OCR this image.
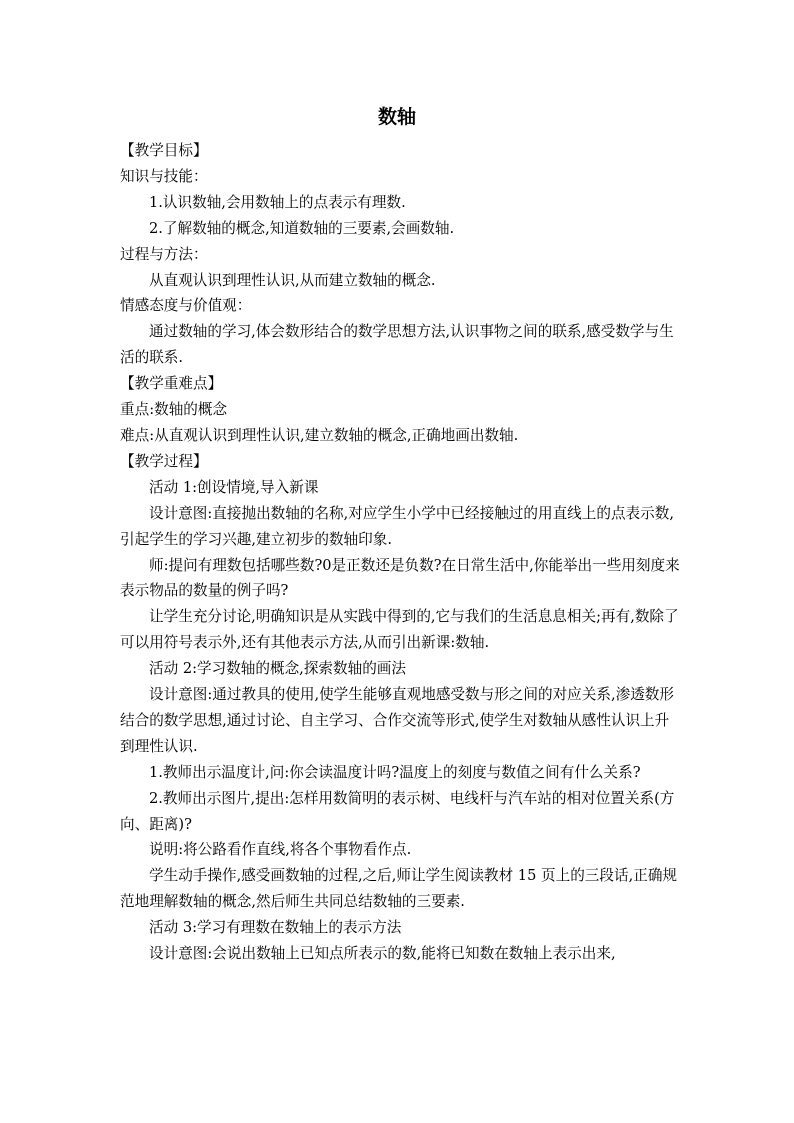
数轴

【教学目标】

知识与技能：

1.认识数轴,会用数轴上的点表示有理数.

2.了解数轴的概念,知道数轴的三要素,会画数轴.

过程与方法：

从直观认识到理性认识,从而建立数轴的概念.

情感态度与价值观：

通过数轴的学习,体会数形结合的数学思想方法,认识事物之间的联系,感受数学与生活的联系.

【教学重难点】

重点:数轴的概念

难点:从直观认识到理性认识,建立数轴的概念,正确地画出数轴.

【教学过程】

活动 1:创设情境,导入新课

设计意图:直接抛出数轴的名称,对应学生小学中已经接触过的用直线上的点表示数,引起学生的学习兴趣,建立初步的数轴印象.

师:提问有理数包括哪些数?0是正数还是负数?在日常生活中,你能举出一些用刻度来表示物品的数量的例子吗?

让学生充分讨论,明确知识是从实践中得到的,它与我们的生活息息相关;再有,数除了可以用符号表示外,还有其他表示方法,从而引出新课:数轴.

活动 2:学习数轴的概念,探索数轴的画法

设计意图:通过教具的使用,使学生能够直观地感受数与形之间的对应关系,渗透数形结合的数学思想,通过讨论、自主学习、合作交流等形式,使学生对数轴从感性认识上升到理性认识.

1.教师出示温度计,问:你会读温度计吗?温度上的刻度与数值之间有什么关系?

2.教师出示图片,提出:怎样用数简明的表示树、电线杆与汽车站的相对位置关系(方向、距离)?

说明:将公路看作直线,将各个事物看作点.

学生动手操作,感受画数轴的过程,之后,师让学生阅读教材 15 页上的三段话,正确规范地理解数轴的概念,然后师生共同总结数轴的三要素.

活动 3:学习有理数在数轴上的表示方法

设计意图:会说出数轴上已知点所表示的数,能将已知数在数轴上表示出来,
